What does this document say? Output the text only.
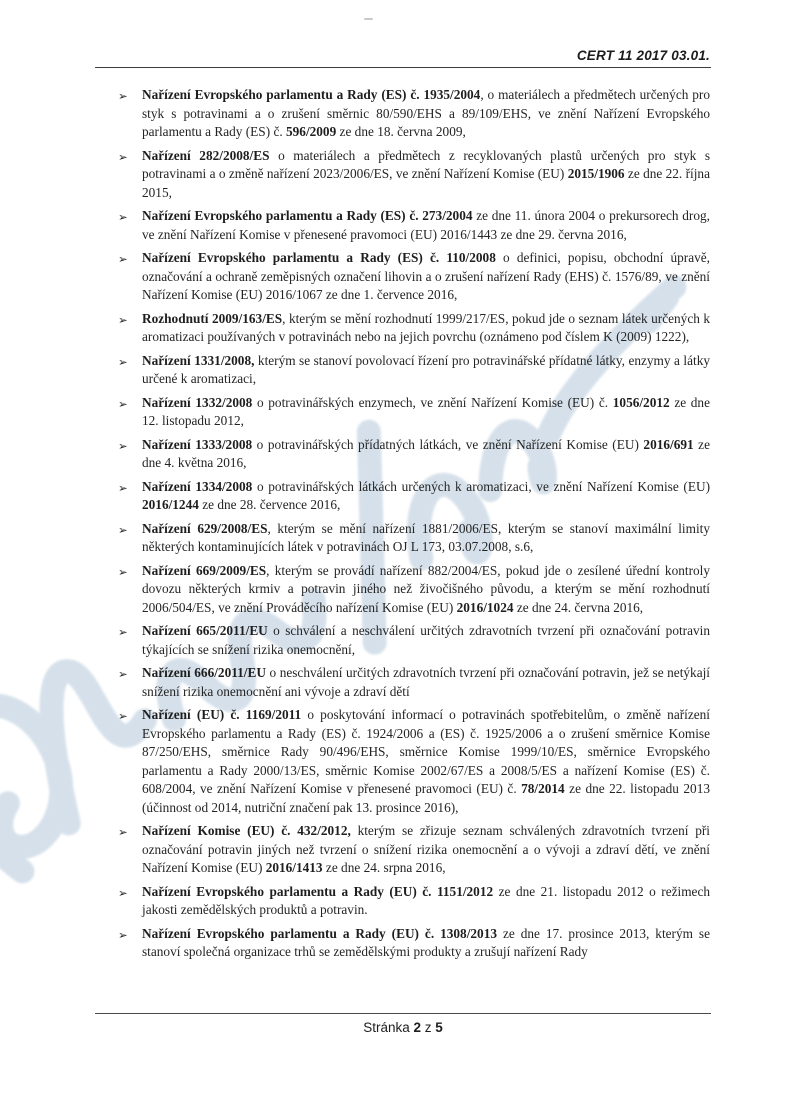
CERT 11 2017 03.01.
➢	Nařízení Evropského parlamentu a Rady (ES) č. 1935/2004, o materiálech a předmětech určených pro styk s potravinami a o zrušení směrnic 80/590/EHS a 89/109/EHS, ve znění Nařízení Evropského parlamentu a Rady (ES) č. 596/2009 ze dne 18. června 2009,
➢	Nařízení 282/2008/ES o materiálech a předmětech z recyklovaných plastů určených pro styk s potravinami a o změně nařízení 2023/2006/ES, ve znění Nařízení Komise (EU) 2015/1906 ze dne 22. října 2015,
➢	Nařízení Evropského parlamentu a Rady (ES) č. 273/2004 ze dne 11. února 2004 o prekursorech drog, ve znění Nařízení Komise v přenesené pravomoci (EU) 2016/1443 ze dne 29. června 2016,
➢	Nařízení Evropského parlamentu a Rady (ES) č. 110/2008 o definici, popisu, obchodní úpravě, označování a ochraně zeměpisných označení lihovin a o zrušení nařízení Rady (EHS) č. 1576/89, ve znění Nařízení Komise (EU) 2016/1067 ze dne 1. července 2016,
➢	Rozhodnutí 2009/163/ES, kterým se mění rozhodnutí 1999/217/ES, pokud jde o seznam látek určených k aromatizaci používaných v potravinách nebo na jejich povrchu (oznámeno pod číslem K (2009) 1222),
➢	Nařízení 1331/2008, kterým se stanoví povolovací řízení pro potravinářské přídatné látky, enzymy a látky určené k aromatizaci,
➢	Nařízení 1332/2008 o potravinářských enzymech, ve znění Nařízení Komise (EU) č. 1056/2012 ze dne 12. listopadu 2012,
➢	Nařízení 1333/2008 o potravinářských přídatných látkách, ve znění Nařízení Komise (EU) 2016/691 ze dne 4. května 2016,
➢	Nařízení 1334/2008 o potravinářských látkách určených k aromatizaci, ve znění Nařízení Komise (EU) 2016/1244 ze dne 28. července 2016,
➢	Nařízení 629/2008/ES, kterým se mění nařízení 1881/2006/ES, kterým se stanoví maximální limity některých kontaminujících látek v potravinách OJ L 173, 03.07.2008, s.6,
➢	Nařízení 669/2009/ES, kterým se provádí nařízení 882/2004/ES, pokud jde o zesílené úřední kontroly dovozu některých krmiv a potravin jiného než živočišného původu, a kterým se mění rozhodnutí 2006/504/ES, ve znění Prováděcího nařízení Komise (EU) 2016/1024 ze dne 24. června 2016,
➢	Nařízení 665/2011/EU o schválení a neschválení určitých zdravotních tvrzení při označování potravin týkajících se snížení rizika onemocnění,
➢	Nařízení 666/2011/EU o neschválení určitých zdravotních tvrzení při označování potravin, jež se netýkají snížení rizika onemocnění ani vývoje a zdraví dětí
➢	Nařízení (EU) č. 1169/2011 o poskytování informací o potravinách spotřebitelům, o změně nařízení Evropského parlamentu a Rady (ES) č. 1924/2006 a (ES) č. 1925/2006 a o zrušení směrnice Komise 87/250/EHS, směrnice Rady 90/496/EHS, směrnice Komise 1999/10/ES, směrnice Evropského parlamentu a Rady 2000/13/ES, směrnic Komise 2002/67/ES a 2008/5/ES a nařízení Komise (ES) č. 608/2004, ve znění Nařízení Komise v přenesené pravomoci (EU) č. 78/2014 ze dne 22. listopadu 2013 (účinnost od 2014, nutriční značení pak 13. prosince 2016),
➢	Nařízení Komise (EU) č. 432/2012, kterým se zřizuje seznam schválených zdravotních tvrzení při označování potravin jiných než tvrzení o snížení rizika onemocnění a o vývoji a zdraví dětí, ve znění Nařízení Komise (EU) 2016/1413 ze dne 24. srpna 2016,
➢	Nařízení Evropského parlamentu a Rady (EU) č. 1151/2012 ze dne 21. listopadu 2012 o režimech jakosti zemědělských produktů a potravin.
➢	Nařízení Evropského parlamentu a Rady (EU) č. 1308/2013 ze dne 17. prosince 2013, kterým se stanoví společná organizace trhů se zemědělskými produkty a zrušují nařízení Rady
Stránka 2 z 5
